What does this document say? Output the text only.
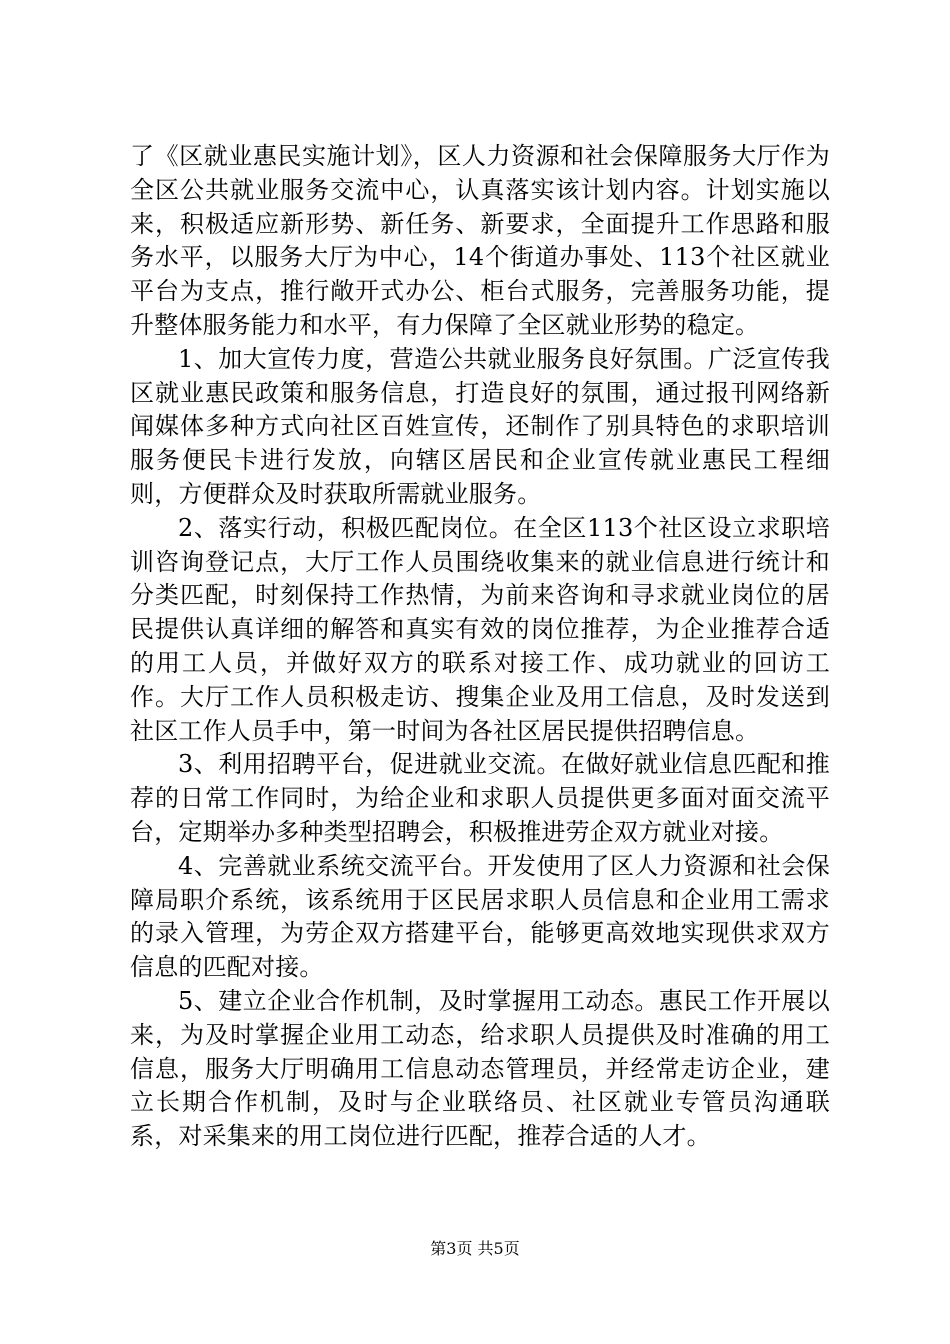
了《区就业惠民实施计划》，区人力资源和社会保障服务大厅作为全区公共就业服务交流中心，认真落实该计划内容。计划实施以来，积极适应新形势、新任务、新要求，全面提升工作思路和服务水平，以服务大厅为中心，14个街道办事处、113个社区就业平台为支点，推行敞开式办公、柜台式服务，完善服务功能，提升整体服务能力和水平，有力保障了全区就业形势的稳定。

1、加大宣传力度，营造公共就业服务良好氛围。广泛宣传我区就业惠民政策和服务信息，打造良好的氛围，通过报刊网络新闻媒体多种方式向社区百姓宣传，还制作了别具特色的求职培训服务便民卡进行发放，向辖区居民和企业宣传就业惠民工程细则，方便群众及时获取所需就业服务。

2、落实行动，积极匹配岗位。在全区113个社区设立求职培训咨询登记点，大厅工作人员围绕收集来的就业信息进行统计和分类匹配，时刻保持工作热情，为前来咨询和寻求就业岗位的居民提供认真详细的解答和真实有效的岗位推荐，为企业推荐合适的用工人员，并做好双方的联系对接工作、成功就业的回访工作。大厅工作人员积极走访、搜集企业及用工信息，及时发送到社区工作人员手中，第一时间为各社区居民提供招聘信息。

3、利用招聘平台，促进就业交流。在做好就业信息匹配和推荐的日常工作同时，为给企业和求职人员提供更多面对面交流平台，定期举办多种类型招聘会，积极推进劳企双方就业对接。

4、完善就业系统交流平台。开发使用了区人力资源和社会保障局职介系统，该系统用于区民居求职人员信息和企业用工需求的录入管理，为劳企双方搭建平台，能够更高效地实现供求双方信息的匹配对接。

5、建立企业合作机制，及时掌握用工动态。惠民工作开展以来，为及时掌握企业用工动态，给求职人员提供及时准确的用工信息，服务大厅明确用工信息动态管理员，并经常走访企业，建立长期合作机制，及时与企业联络员、社区就业专管员沟通联系，对采集来的用工岗位进行匹配，推荐合适的人才。

第3页 共5页
